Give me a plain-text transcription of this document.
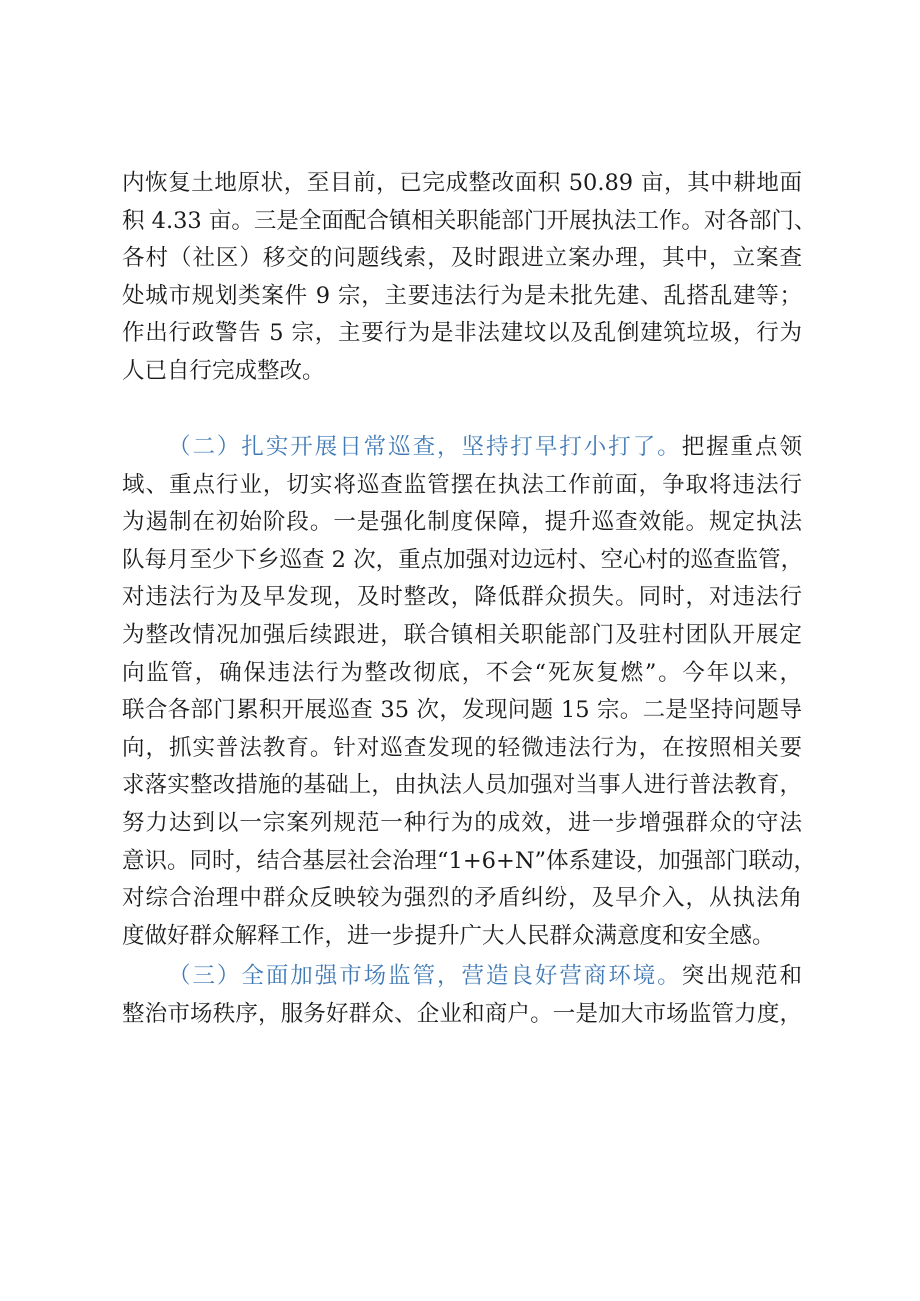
内恢复土地原状，至目前，已完成整改面积 50.89 亩，其中耕地面
积 4.33 亩。三是全面配合镇相关职能部门开展执法工作。对各部门、
各村（社区）移交的问题线索，及时跟进立案办理，其中，立案查
处城市规划类案件 9 宗，主要违法行为是未批先建、乱搭乱建等；
作出行政警告 5 宗，主要行为是非法建坟以及乱倒建筑垃圾，行为
人已自行完成整改。
（二）扎实开展日常巡查，坚持打早打小打了。把握重点领
域、重点行业，切实将巡查监管摆在执法工作前面，争取将违法行
为遏制在初始阶段。一是强化制度保障，提升巡查效能。规定执法
队每月至少下乡巡查 2 次，重点加强对边远村、空心村的巡查监管，
对违法行为及早发现，及时整改，降低群众损失。同时，对违法行
为整改情况加强后续跟进，联合镇相关职能部门及驻村团队开展定
向监管，确保违法行为整改彻底，不会“死灰复燃”。今年以来，
联合各部门累积开展巡查 35 次，发现问题 15 宗。二是坚持问题导
向，抓实普法教育。针对巡查发现的轻微违法行为，在按照相关要
求落实整改措施的基础上，由执法人员加强对当事人进行普法教育，
努力达到以一宗案列规范一种行为的成效，进一步增强群众的守法
意识。同时，结合基层社会治理“1+6+N”体系建设，加强部门联动，
对综合治理中群众反映较为强烈的矛盾纠纷，及早介入，从执法角
度做好群众解释工作，进一步提升广大人民群众满意度和安全感。
（三）全面加强市场监管，营造良好营商环境。突出规范和
整治市场秩序，服务好群众、企业和商户。一是加大市场监管力度，
